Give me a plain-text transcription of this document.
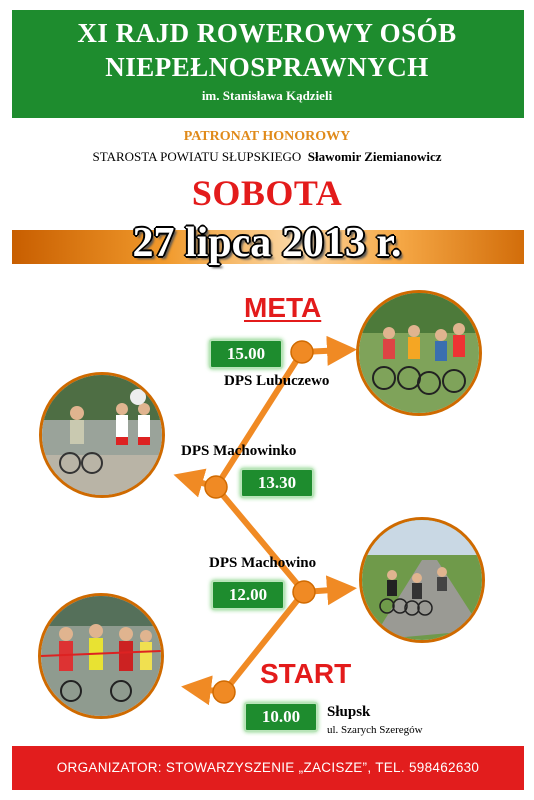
XI RAJD ROWEROWY OSÓB
NIEPEŁNOSPRAWNYCH
im. Stanisława Kądzieli
PATRONAT HONOROWY
STAROSTA POWIATU SŁUPSKIEGO Sławomir Ziemianowicz
SOBOTA
27 lipca 2013 r.
META
15.00
DPS Lubuczewo
DPS Machowinko
13.30
DPS Machowino
12.00
START
10.00	Słupsk
ul. Szarych Szeregów
ORGANIZATOR: STOWARZYSZENIE „ZACISZE”, TEL. 598462630
